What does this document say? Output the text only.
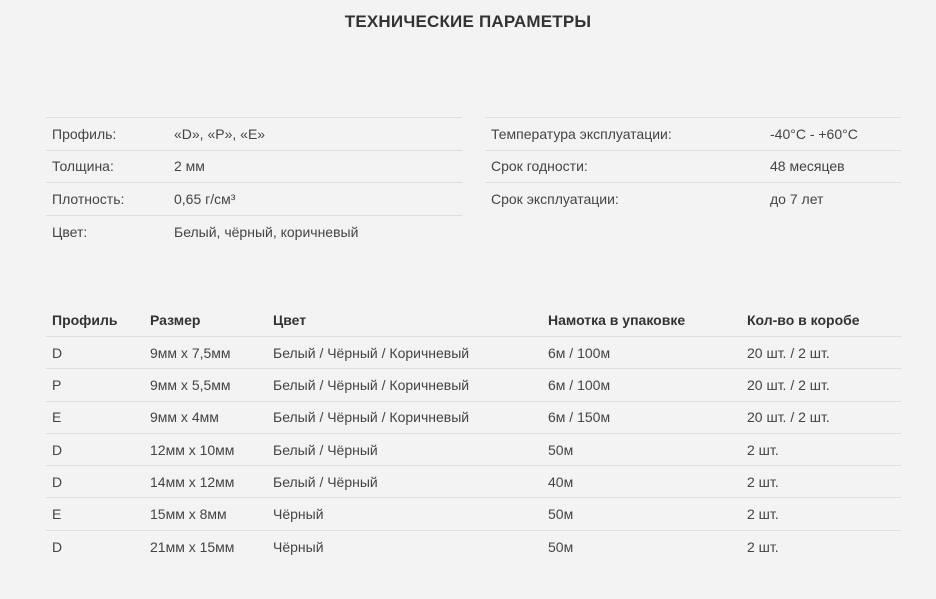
ТЕХНИЧЕСКИЕ ПАРАМЕТРЫ
Профиль:	«D», «P», «E»
Толщина:	2 мм
Плотность:	0,65 г/см³
Цвет:	Белый, чёрный, коричневый
Температура эксплуатации:	-40°C - +60°C
Срок годности:	48 месяцев
Срок эксплуатации:	до 7 лет
Профиль	Размер	Цвет	Намотка в упаковке	Кол-во в коробе
D	9мм х 7,5мм	Белый / Чёрный / Коричневый	6м / 100м	20 шт. / 2 шт.
P	9мм х 5,5мм	Белый / Чёрный / Коричневый	6м / 100м	20 шт. / 2 шт.
E	9мм х 4мм	Белый / Чёрный / Коричневый	6м / 150м	20 шт. / 2 шт.
D	12мм х 10мм	Белый / Чёрный	50м	2 шт.
D	14мм х 12мм	Белый / Чёрный	40м	2 шт.
E	15мм х 8мм	Чёрный	50м	2 шт.
D	21мм х 15мм	Чёрный	50м	2 шт.
